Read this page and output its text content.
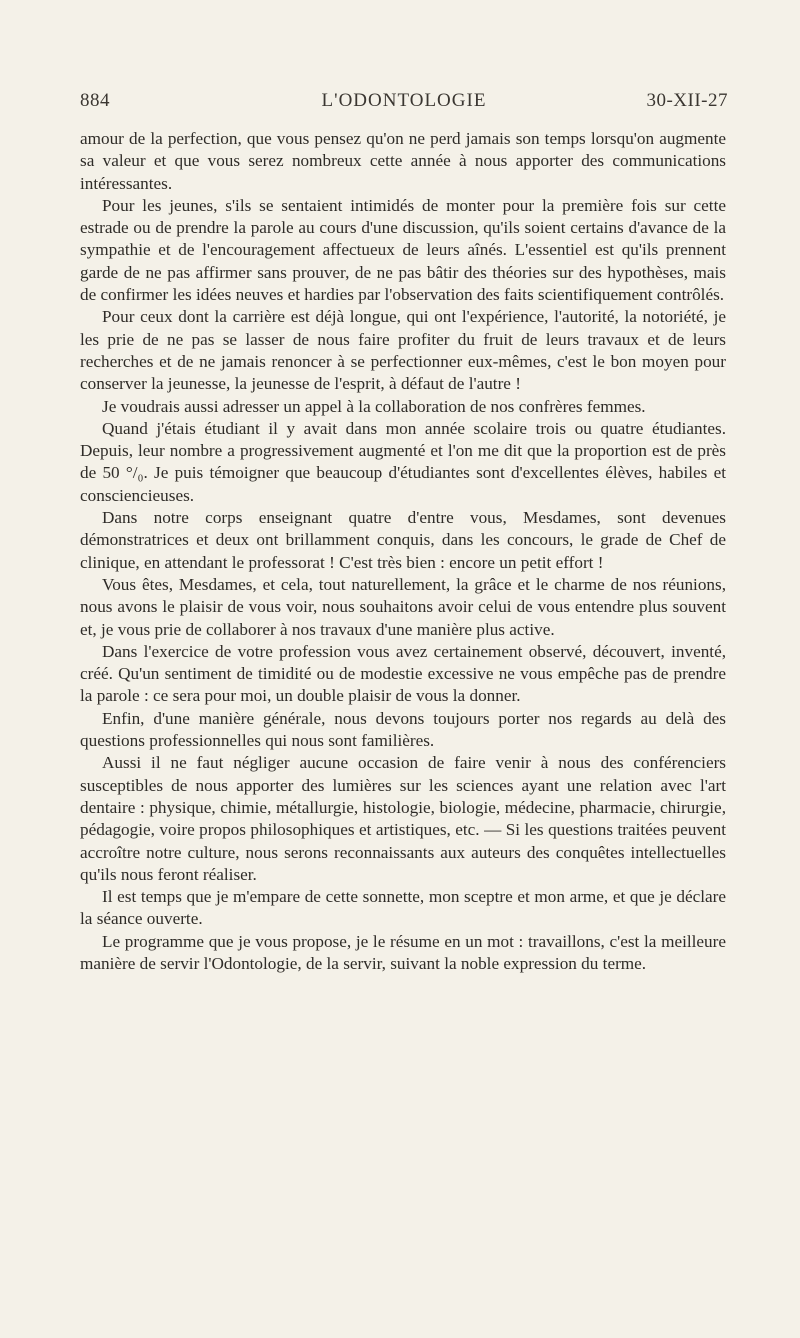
884	L'ODONTOLOGIE	30-XII-27

amour de la perfection, que vous pensez qu'on ne perd jamais son temps lorsqu'on augmente sa valeur et que vous serez nombreux cette année à nous apporter des communications intéressantes.

Pour les jeunes, s'ils se sentaient intimidés de monter pour la première fois sur cette estrade ou de prendre la parole au cours d'une discussion, qu'ils soient certains d'avance de la sympathie et de l'encouragement affectueux de leurs aînés. L'essentiel est qu'ils prennent garde de ne pas affirmer sans prouver, de ne pas bâtir des théories sur des hypothèses, mais de confirmer les idées neuves et hardies par l'observation des faits scientifiquement contrôlés.

Pour ceux dont la carrière est déjà longue, qui ont l'expérience, l'autorité, la notoriété, je les prie de ne pas se lasser de nous faire profiter du fruit de leurs travaux et de leurs recherches et de ne jamais renoncer à se perfectionner eux-mêmes, c'est le bon moyen pour conserver la jeunesse, la jeunesse de l'esprit, à défaut de l'autre !

Je voudrais aussi adresser un appel à la collaboration de nos confrères femmes.

Quand j'étais étudiant il y avait dans mon année scolaire trois ou quatre étudiantes. Depuis, leur nombre a progressivement augmenté et l'on me dit que la proportion est de près de 50 °/₀. Je puis témoigner que beaucoup d'étudiantes sont d'excellentes élèves, habiles et consciencieuses.

Dans notre corps enseignant quatre d'entre vous, Mesdames, sont devenues démonstratrices et deux ont brillamment conquis, dans les concours, le grade de Chef de clinique, en attendant le professorat ! C'est très bien : encore un petit effort !

Vous êtes, Mesdames, et cela, tout naturellement, la grâce et le charme de nos réunions, nous avons le plaisir de vous voir, nous souhaitons avoir celui de vous entendre plus souvent et, je vous prie de collaborer à nos travaux d'une manière plus active.

Dans l'exercice de votre profession vous avez certainement observé, découvert, inventé, créé. Qu'un sentiment de timidité ou de modestie excessive ne vous empêche pas de prendre la parole : ce sera pour moi, un double plaisir de vous la donner.

Enfin, d'une manière générale, nous devons toujours porter nos regards au delà des questions professionnelles qui nous sont familières.

Aussi il ne faut négliger aucune occasion de faire venir à nous des conférenciers susceptibles de nous apporter des lumières sur les sciences ayant une relation avec l'art dentaire : physique, chimie, métallurgie, histologie, biologie, médecine, pharmacie, chirurgie, pédagogie, voire propos philosophiques et artistiques, etc. — Si les questions traitées peuvent accroître notre culture, nous serons reconnaissants aux auteurs des conquêtes intellectuelles qu'ils nous feront réaliser.

Il est temps que je m'empare de cette sonnette, mon sceptre et mon arme, et que je déclare la séance ouverte.

Le programme que je vous propose, je le résume en un mot : travaillons, c'est la meilleure manière de servir l'Odontologie, de la servir, suivant la noble expression du terme.
